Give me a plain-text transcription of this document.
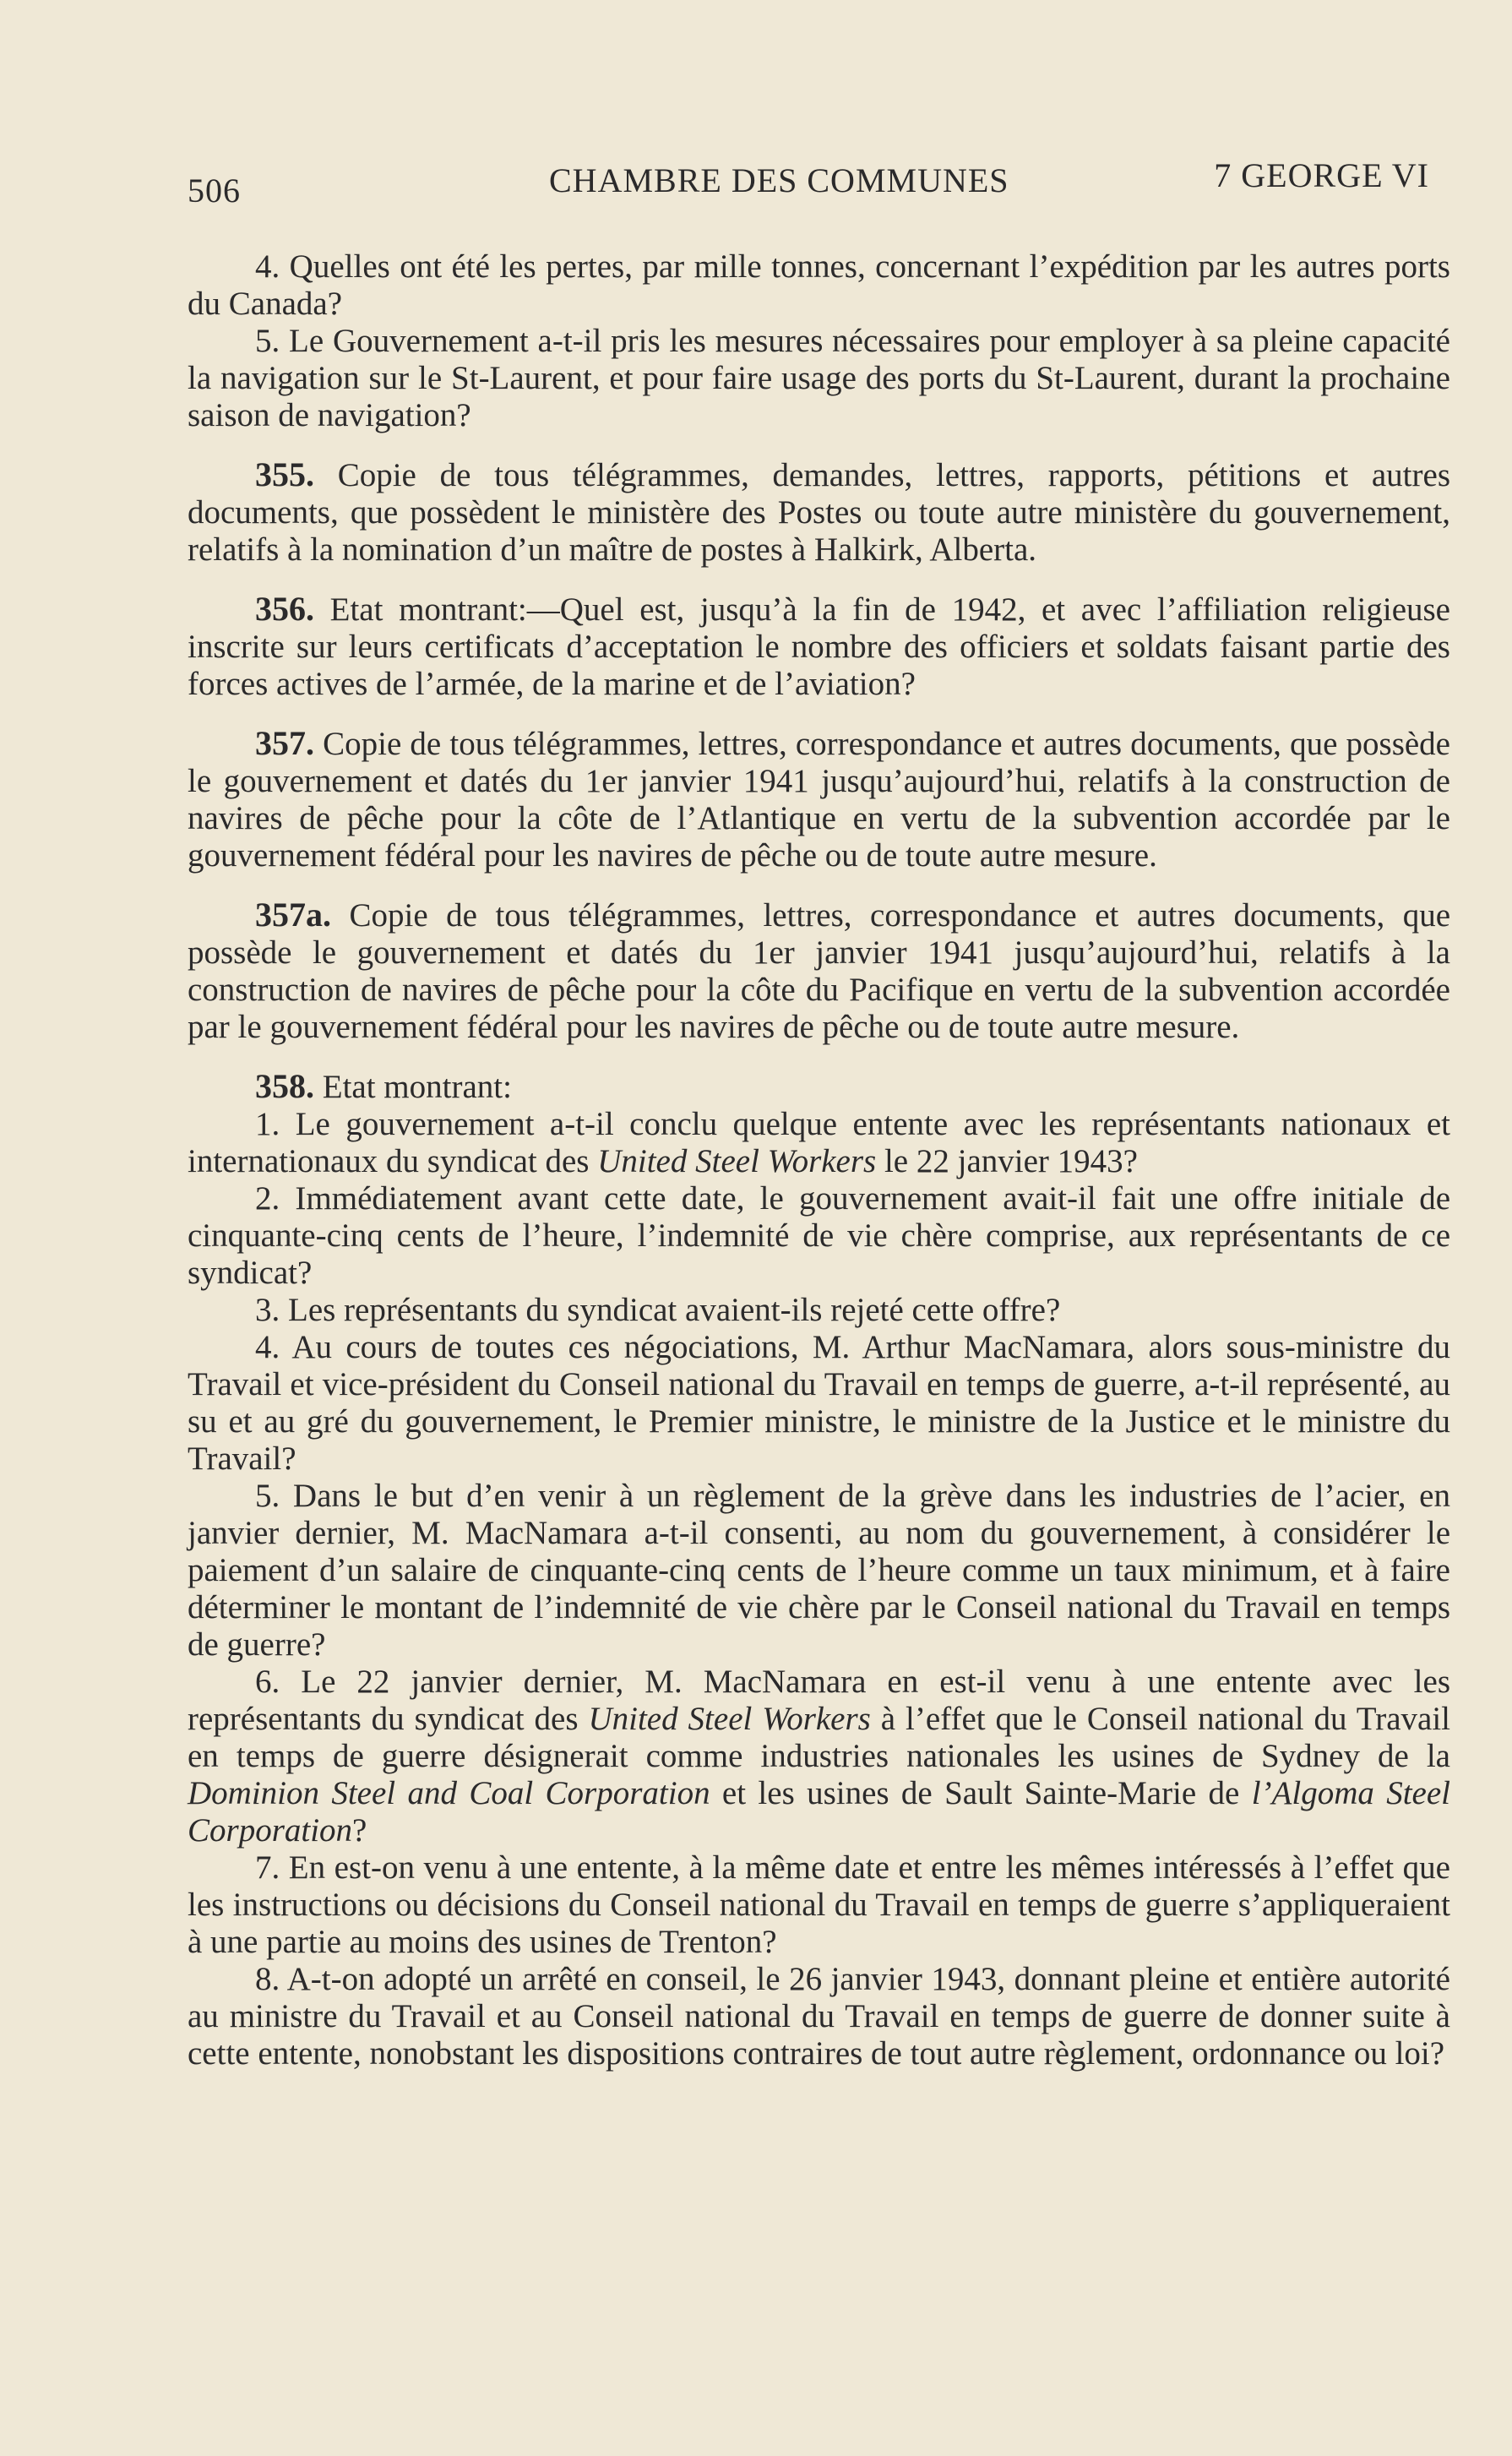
506	CHAMBRE DES COMMUNES	7 GEORGE VI

4. Quelles ont été les pertes, par mille tonnes, concernant l’expédition par les autres ports du Canada?

5. Le Gouvernement a-t-il pris les mesures nécessaires pour employer à sa pleine capacité la navigation sur le St-Laurent, et pour faire usage des ports du St-Laurent, durant la prochaine saison de navigation?

355. Copie de tous télégrammes, demandes, lettres, rapports, pétitions et autres documents, que possèdent le ministère des Postes ou toute autre ministère du gouvernement, relatifs à la nomination d’un maître de postes à Halkirk, Alberta.

356. Etat montrant:—Quel est, jusqu’à la fin de 1942, et avec l’affiliation religieuse inscrite sur leurs certificats d’acceptation le nombre des officiers et soldats faisant partie des forces actives de l’armée, de la marine et de l’aviation?

357. Copie de tous télégrammes, lettres, correspondance et autres documents, que possède le gouvernement et datés du 1er janvier 1941 jusqu’aujourd’hui, relatifs à la construction de navires de pêche pour la côte de l’Atlantique en vertu de la subvention accordée par le gouvernement fédéral pour les navires de pêche ou de toute autre mesure.

357a. Copie de tous télégrammes, lettres, correspondance et autres documents, que possède le gouvernement et datés du 1er janvier 1941 jusqu’aujourd’hui, relatifs à la construction de navires de pêche pour la côte du Pacifique en vertu de la subvention accordée par le gouvernement fédéral pour les navires de pêche ou de toute autre mesure.

358. Etat montrant:

1. Le gouvernement a-t-il conclu quelque entente avec les représentants nationaux et internationaux du syndicat des United Steel Workers le 22 janvier 1943?

2. Immédiatement avant cette date, le gouvernement avait-il fait une offre initiale de cinquante-cinq cents de l’heure, l’indemnité de vie chère comprise, aux représentants de ce syndicat?

3. Les représentants du syndicat avaient-ils rejeté cette offre?

4. Au cours de toutes ces négociations, M. Arthur MacNamara, alors sous-ministre du Travail et vice-président du Conseil national du Travail en temps de guerre, a-t-il représenté, au su et au gré du gouvernement, le Premier ministre, le ministre de la Justice et le ministre du Travail?

5. Dans le but d’en venir à un règlement de la grève dans les industries de l’acier, en janvier dernier, M. MacNamara a-t-il consenti, au nom du gouvernement, à considérer le paiement d’un salaire de cinquante-cinq cents de l’heure comme un taux minimum, et à faire déterminer le montant de l’indemnité de vie chère par le Conseil national du Travail en temps de guerre?

6. Le 22 janvier dernier, M. MacNamara en est-il venu à une entente avec les représentants du syndicat des United Steel Workers à l’effet que le Conseil national du Travail en temps de guerre désignerait comme industries nationales les usines de Sydney de la Dominion Steel and Coal Corporation et les usines de Sault Sainte-Marie de l’Algoma Steel Corporation?

7. En est-on venu à une entente, à la même date et entre les mêmes intéressés à l’effet que les instructions ou décisions du Conseil national du Travail en temps de guerre s’appliqueraient à une partie au moins des usines de Trenton?

8. A-t-on adopté un arrêté en conseil, le 26 janvier 1943, donnant pleine et entière autorité au ministre du Travail et au Conseil national du Travail en temps de guerre de donner suite à cette entente, nonobstant les dispositions contraires de tout autre règlement, ordonnance ou loi?
